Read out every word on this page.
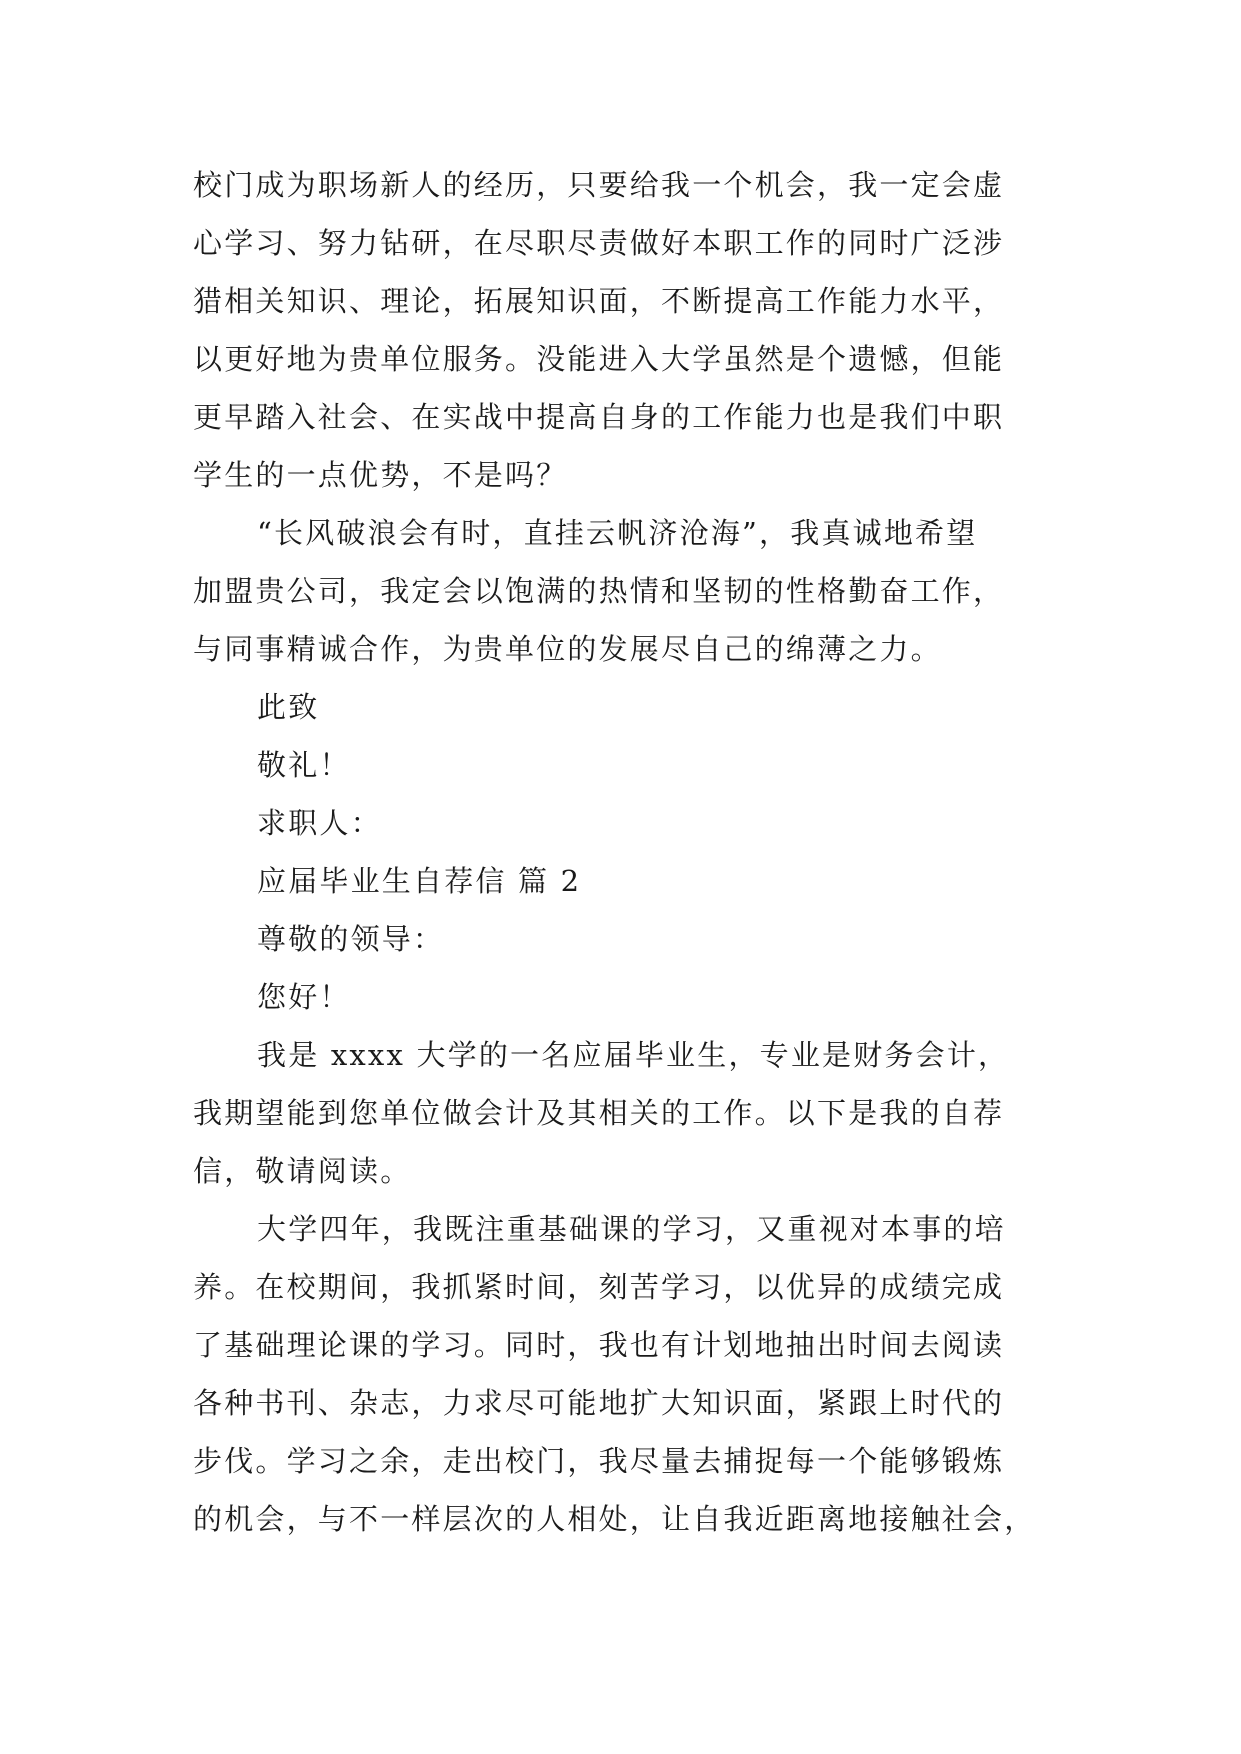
校门成为职场新人的经历，只要给我一个机会，我一定会虚
心学习、努力钻研，在尽职尽责做好本职工作的同时广泛涉
猎相关知识、理论，拓展知识面，不断提高工作能力水平，
以更好地为贵单位服务。没能进入大学虽然是个遗憾，但能
更早踏入社会、在实战中提高自身的工作能力也是我们中职
学生的一点优势，不是吗？
“长风破浪会有时，直挂云帆济沧海”，我真诚地希望
加盟贵公司，我定会以饱满的热情和坚韧的性格勤奋工作，
与同事精诚合作，为贵单位的发展尽自己的绵薄之力。
此致
敬礼！
求职人：
应届毕业生自荐信 篇 2
尊敬的领导：
您好！
我是 xxxx 大学的一名应届毕业生，专业是财务会计，
我期望能到您单位做会计及其相关的工作。以下是我的自荐
信，敬请阅读。
大学四年，我既注重基础课的学习，又重视对本事的培
养。在校期间，我抓紧时间，刻苦学习，以优异的成绩完成
了基础理论课的学习。同时，我也有计划地抽出时间去阅读
各种书刊、杂志，力求尽可能地扩大知识面，紧跟上时代的
步伐。学习之余，走出校门，我尽量去捕捉每一个能够锻炼
的机会，与不一样层次的人相处，让自我近距离地接触社会，
